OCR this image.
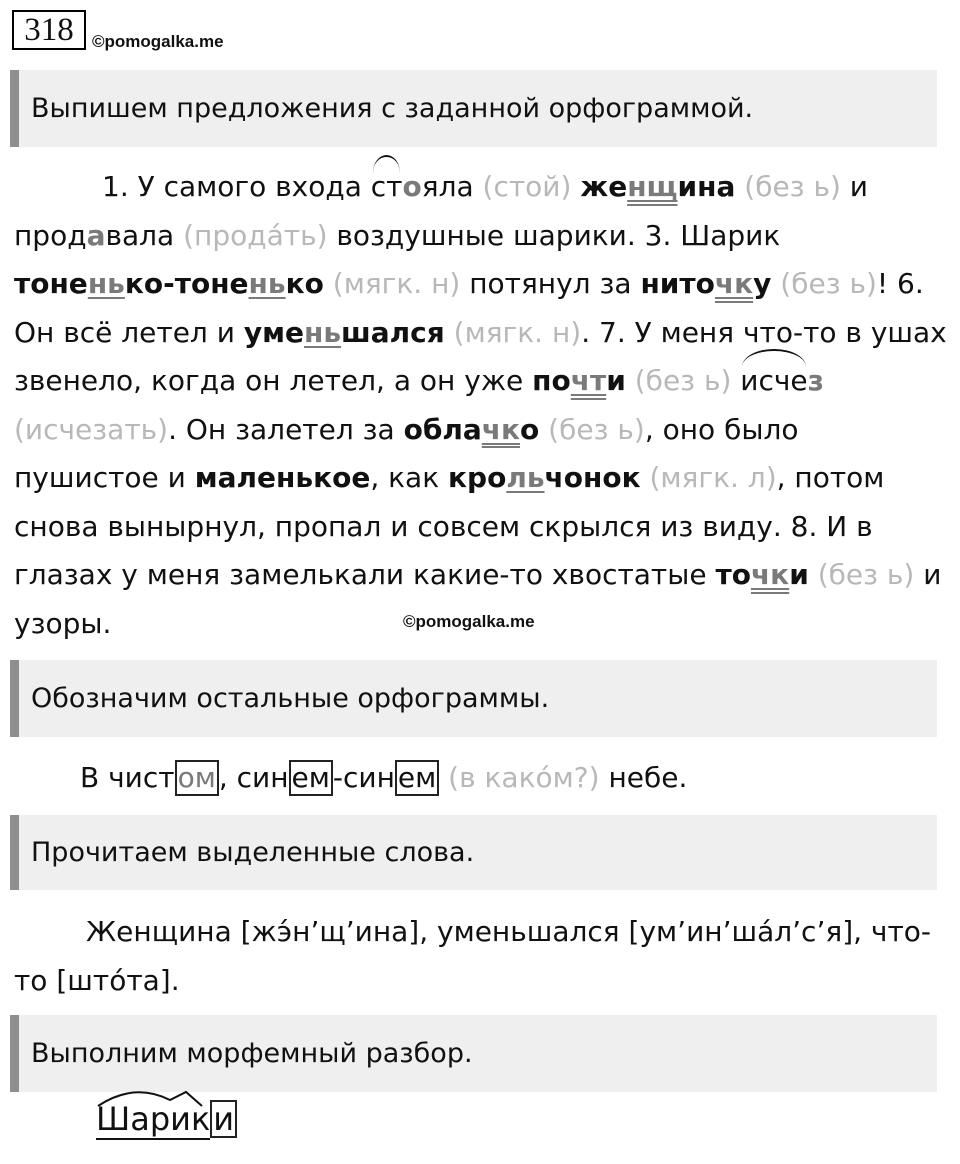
318	©pomogalka.me
Выпишем предложения с заданной орфограммой.
1. У самого входа стояла (стой) женщина (без ь) и
продавала (продáть) воздушные шарики. 3. Шарик
тоненько-тоненько (мягк. н) потянул за ниточку (без ь)! 6.
Он всё летел и уменьшался (мягк. н). 7. У меня что-то в ушах
звенело, когда он летел, а он уже почти (без ь) исчез
(исчезать). Он залетел за облачко (без ь), оно было
пушистое и маленькое, как крольчонок (мягк. л), потом
снова вынырнул, пропал и совсем скрылся из виду. 8. И в
глазах у меня замелькали какие-то хвостатые точки (без ь) и
узоры.	©pomogalka.me
Обозначим остальные орфограммы.
В чист ом , син ем -син ем (в какóм?) небе.
Прочитаем выделенные слова.
Женщина [жэ́н’щ’ина], уменьшался [ум’ин’шáл’с’я], что-
то [штóта].
Выполним морфемный разбор.
Шарики
